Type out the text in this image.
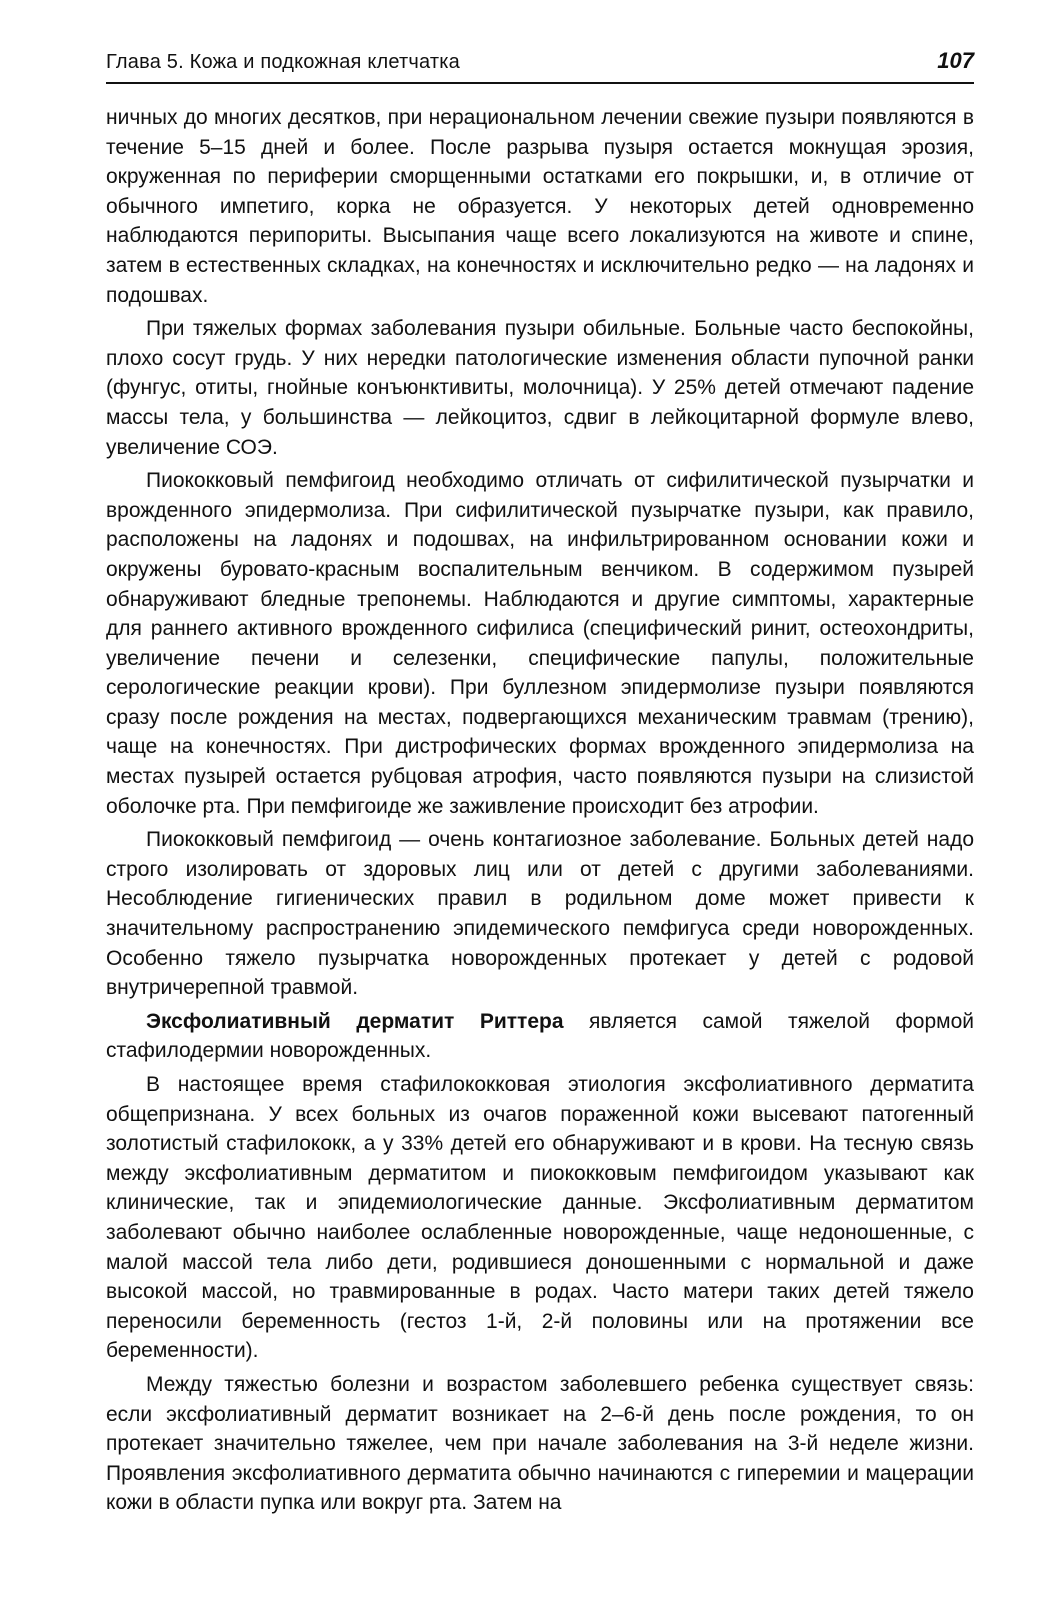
Глава 5. Кожа и подкожная клетчатка	107

ничных до многих десятков, при нерациональном лечении свежие пузыри появляются в течение 5–15 дней и более. После разрыва пузыря остается мокнущая эрозия, окруженная по периферии сморщенными остатками его покрышки, и, в отличие от обычного импетиго, корка не образуется. У некоторых детей одновременно наблюдаются перипориты. Высыпания чаще всего локализуются на животе и спине, затем в естественных складках, на конечностях и исключительно редко — на ладонях и подошвах.

При тяжелых формах заболевания пузыри обильные. Больные часто беспокойны, плохо сосут грудь. У них нередки патологические изменения области пупочной ранки (фунгус, отиты, гнойные конъюнктивиты, молочница). У 25% детей отмечают падение массы тела, у большинства — лейкоцитоз, сдвиг в лейкоцитарной формуле влево, увеличение СОЭ.

Пиококковый пемфигоид необходимо отличать от сифилитической пузырчатки и врожденного эпидермолиза. При сифилитической пузырчатке пузыри, как правило, расположены на ладонях и подошвах, на инфильтрированном основании кожи и окружены буровато-красным воспалительным венчиком. В содержимом пузырей обнаруживают бледные трепонемы. Наблюдаются и другие симптомы, характерные для раннего активного врожденного сифилиса (специфический ринит, остеохондриты, увеличение печени и селезенки, специфические папулы, положительные серологические реакции крови). При буллезном эпидермолизе пузыри появляются сразу после рождения на местах, подвергающихся механическим травмам (трению), чаще на конечностях. При дистрофических формах врожденного эпидермолиза на местах пузырей остается рубцовая атрофия, часто появляются пузыри на слизистой оболочке рта. При пемфигоиде же заживление происходит без атрофии.

Пиококковый пемфигоид — очень контагиозное заболевание. Больных детей надо строго изолировать от здоровых лиц или от детей с другими заболеваниями. Несоблюдение гигиенических правил в родильном доме может привести к значительному распространению эпидемического пемфигуса среди новорожденных. Особенно тяжело пузырчатка новорожденных протекает у детей с родовой внутричерепной травмой.

Эксфолиативный дерматит Риттера является самой тяжелой формой стафилодермии новорожденных.

В настоящее время стафилококковая этиология эксфолиативного дерматита общепризнана. У всех больных из очагов пораженной кожи высевают патогенный золотистый стафилококк, а у 33% детей его обнаруживают и в крови. На тесную связь между эксфолиативным дерматитом и пиококковым пемфигоидом указывают как клинические, так и эпидемиологические данные. Эксфолиативным дерматитом заболевают обычно наиболее ослабленные новорожденные, чаще недоношенные, с малой массой тела либо дети, родившиеся доношенными с нормальной и даже высокой массой, но травмированные в родах. Часто матери таких детей тяжело переносили беременность (гестоз 1-й, 2-й половины или на протяжении все беременности).

Между тяжестью болезни и возрастом заболевшего ребенка существует связь: если эксфолиативный дерматит возникает на 2–6-й день после рождения, то он протекает значительно тяжелее, чем при начале заболевания на 3-й неделе жизни. Проявления эксфолиативного дерматита обычно начинаются с гиперемии и мацерации кожи в области пупка или вокруг рта. Затем на
